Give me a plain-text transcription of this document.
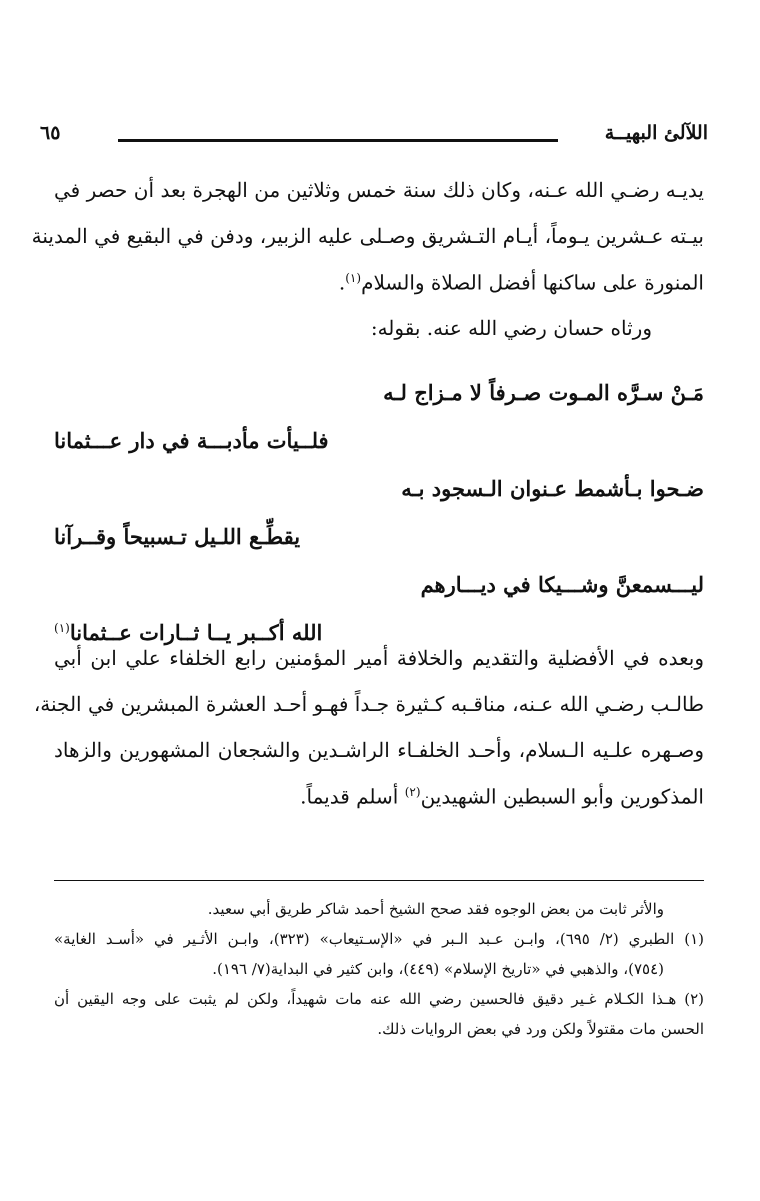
اللآلئ البهيــة
٦٥
يديـه رضـي الله عـنه، وكان ذلك سنة خمس وثلاثين من الهجرة بعد أن حصر في
بيـته عـشرين يـوماً، أيـام التـشريق وصـلى عليه الزبير، ودفن في البقيع في المدينة
المنورة على ساكنها أفضل الصلاة والسلام$^{(١)}$.
ورثاه حسان رضي الله عنه. بقوله:
مَـنْ سـرَّه المـوت صـرفاً لا مـزاج لـه
فلــيأت مأدبـــة في دار عـــثمانا
ضـحوا بـأشمط عـنوان الـسجود بـه
يقطِّـع اللـيل تـسبيحاً وقــرآنا
ليـــسمعنَّ وشـــيكا في ديـــارهم
الله أكــبر يــا ثــارات عــثمانا$^{(١)}$
وبعده في الأفضلية والتقديم والخلافة أمير المؤمنين رابع الخلفاء علي ابن أبي
طالـب رضـي الله عـنه، مناقـبه كـثيرة جـداً فهـو أحـد العشرة المبشرين في الجنة،
وصـهره علـيه الـسلام، وأحـد الخلفـاء الراشـدين والشجعان المشهورين والزهاد
المذكورين وأبو السبطين الشهيدين$^{(٢)}$ أسلم قديماً.
والأثر ثابت من بعض الوجوه فقد صحح الشيخ أحمد شاكر طريق أبي سعيد.
(١) الطبري (٢/ ٦٩٥)، وابـن عـبد الـبر في «الإسـتيعاب» (٣٢٣)، وابـن الأثـير في «أسـد الغاية»
(٧٥٤)، والذهبي في «تاريخ الإسلام» (٤٤٩)، وابن كثير في البداية(٧/ ١٩٦).
(٢) هـذا الكـلام غـير دقيق فالحسين رضي الله عنه مات شهيداً، ولكن لم يثبت على وجه اليقين أن
الحسن مات مقتولاً ولكن ورد في بعض الروايات ذلك.
